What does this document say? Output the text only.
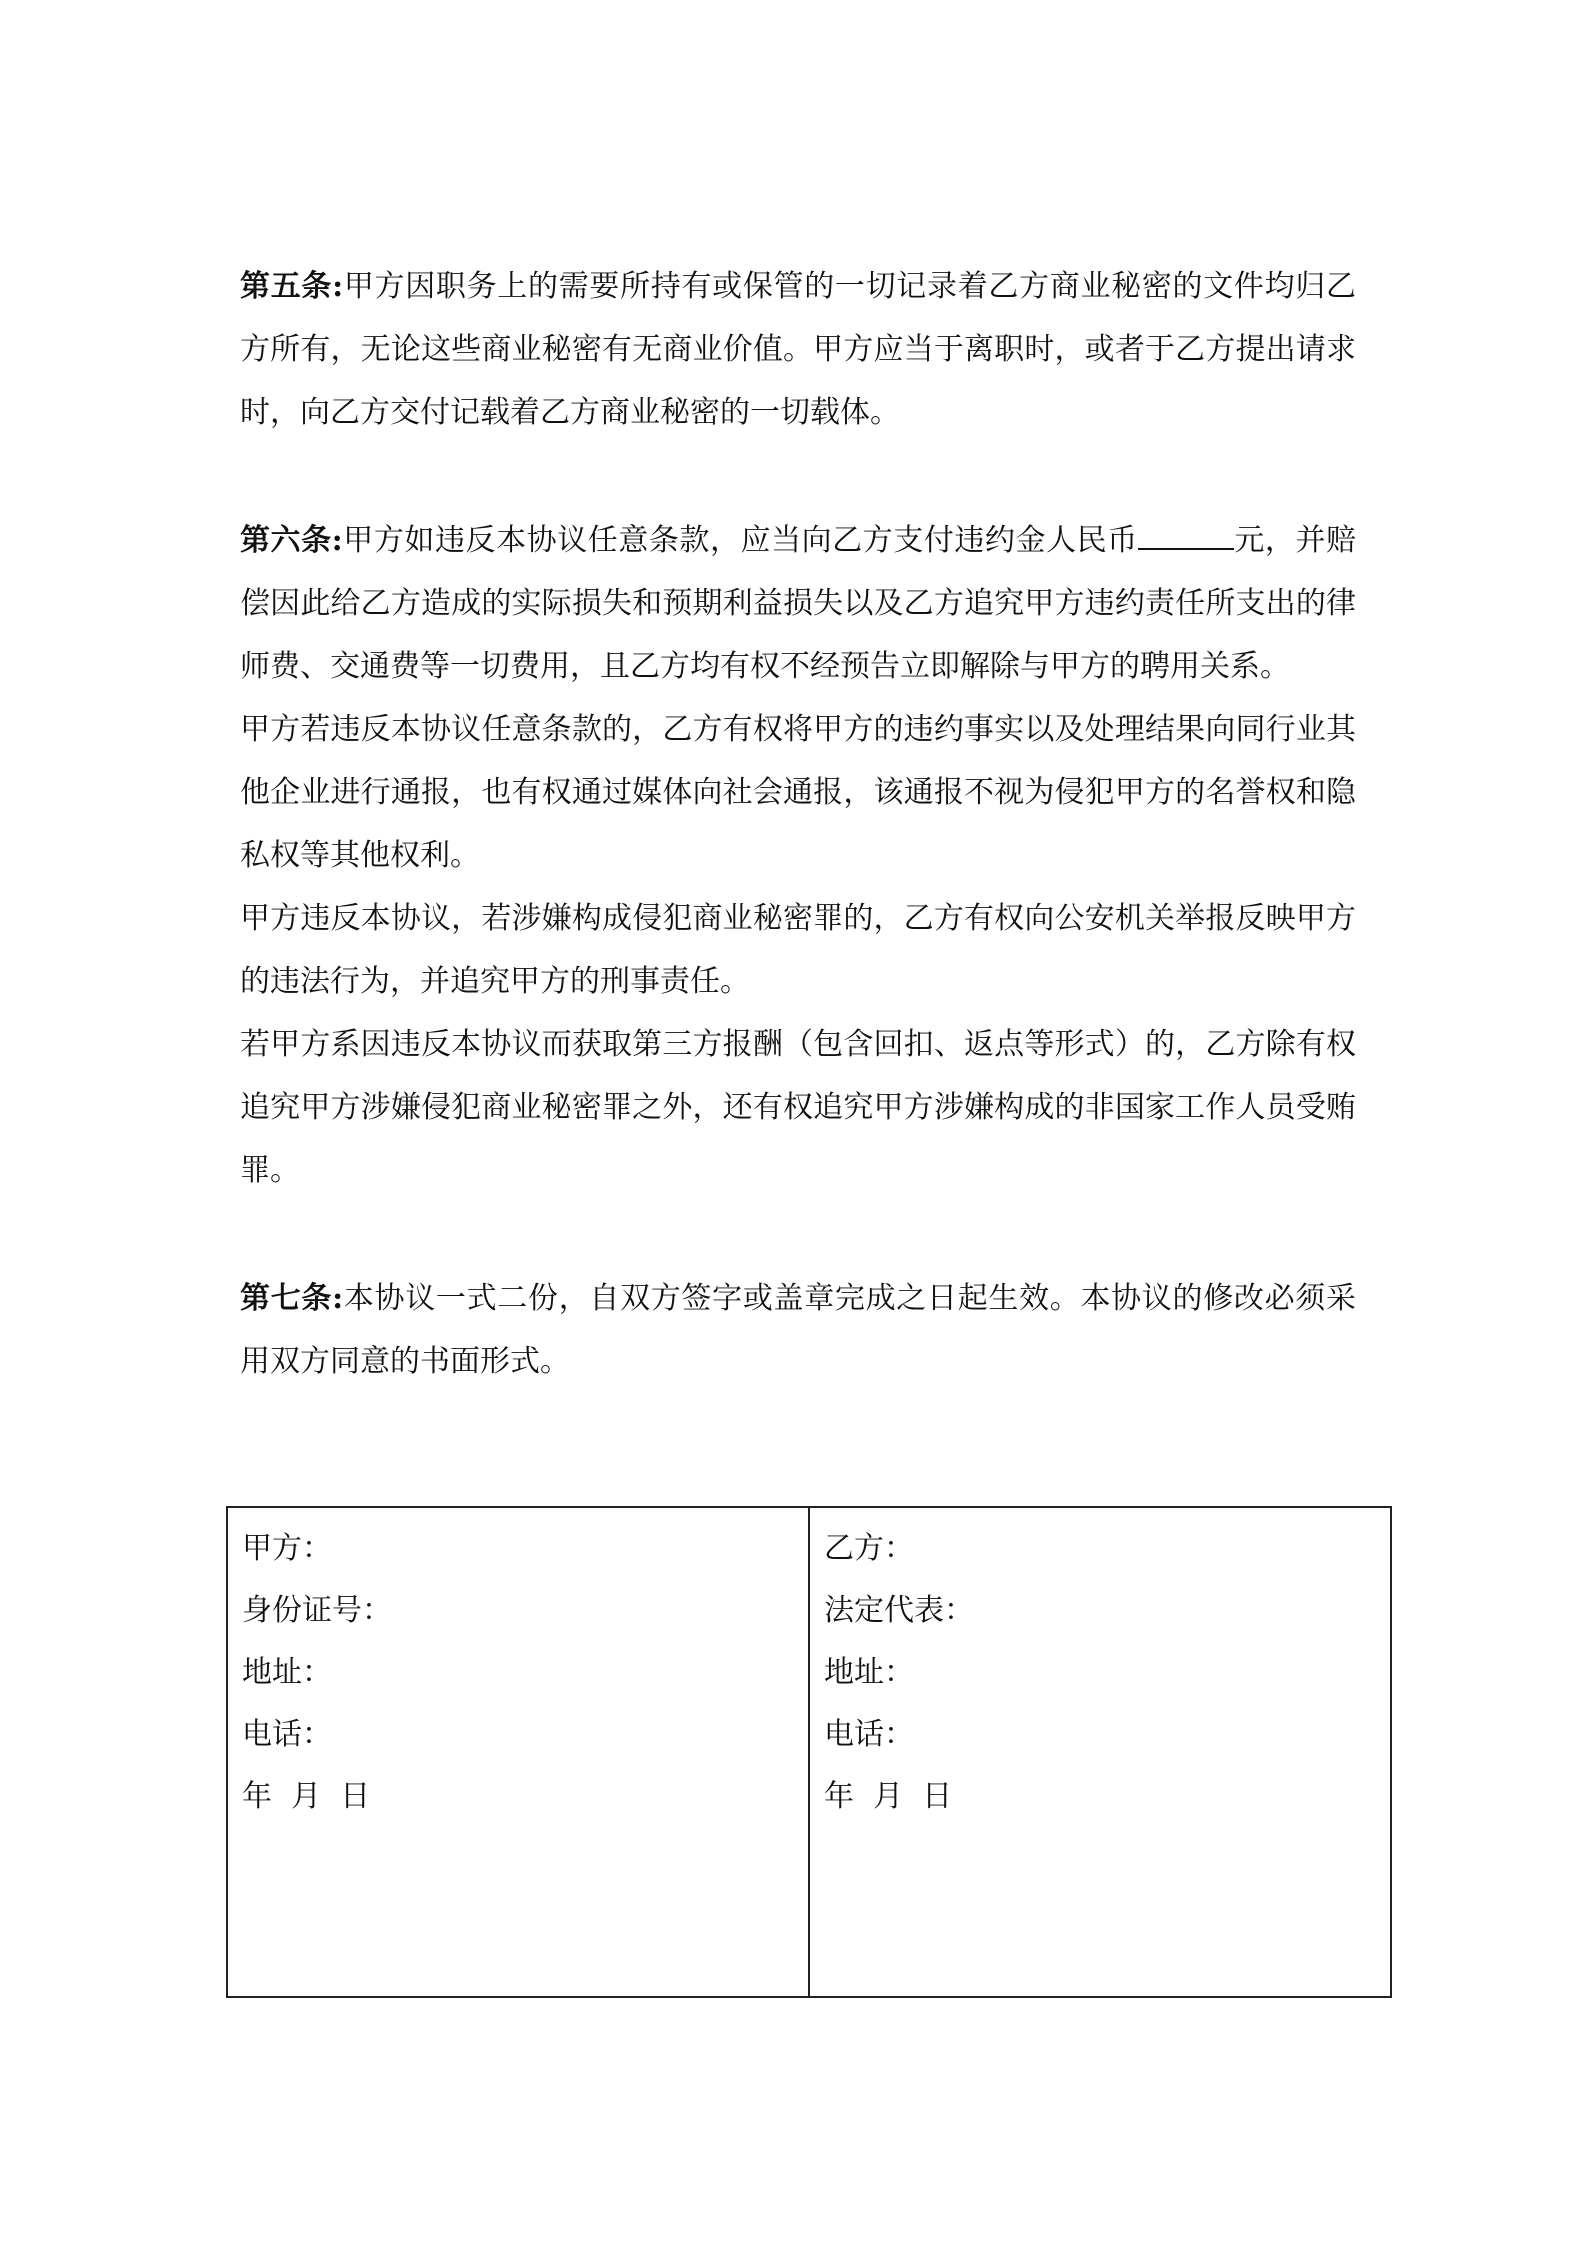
第五条:甲方因职务上的需要所持有或保管的一切记录着乙方商业秘密的文件均归乙方所有，无论这些商业秘密有无商业价值。甲方应当于离职时，或者于乙方提出请求时，向乙方交付记载着乙方商业秘密的一切载体。

第六条:甲方如违反本协议任意条款，应当向乙方支付违约金人民币	元，并赔偿因此给乙方造成的实际损失和预期利益损失以及乙方追究甲方违约责任所支出的律师费、交通费等一切费用，且乙方均有权不经预告立即解除与甲方的聘用关系。

甲方若违反本协议任意条款的，乙方有权将甲方的违约事实以及处理结果向同行业其他企业进行通报，也有权通过媒体向社会通报，该通报不视为侵犯甲方的名誉权和隐私权等其他权利。

甲方违反本协议，若涉嫌构成侵犯商业秘密罪的，乙方有权向公安机关举报反映甲方的违法行为，并追究甲方的刑事责任。

若甲方系因违反本协议而获取第三方报酬（包含回扣、返点等形式）的，乙方除有权追究甲方涉嫌侵犯商业秘密罪之外，还有权追究甲方涉嫌构成的非国家工作人员受贿罪。

第七条:本协议一式二份，自双方签字或盖章完成之日起生效。本协议的修改必须采用双方同意的书面形式。

甲方：

身份证号：

地址：

电话：

年  月  日

乙方：

法定代表：

地址：

电话：

年  月  日
